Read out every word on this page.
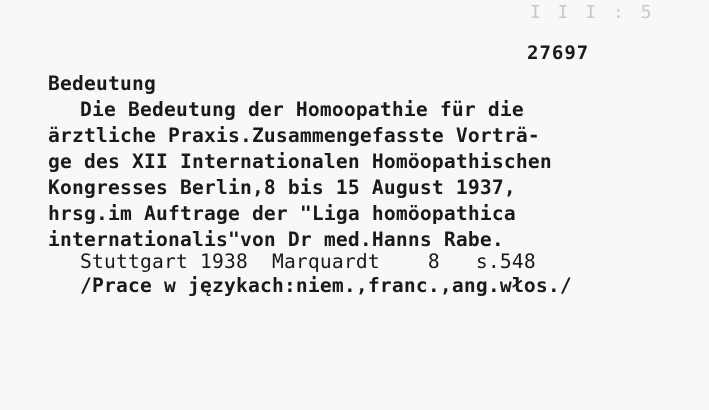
I I I : 5
27697
Bedeutung
Die Bedeutung der Homoopathie für die
ärztliche Praxis.Zusammengefasste Vorträ-
ge des XII Internationalen Homöopathischen
Kongresses Berlin,8 bis 15 August 1937,
hrsg.im Auftrage der "Liga homöopathica
internationalis"von Dr med.Hanns Rabe.
Stuttgart 1938  Marquardt    8   s.548
/Prace w językach:niem.,franc.,ang.włos./
